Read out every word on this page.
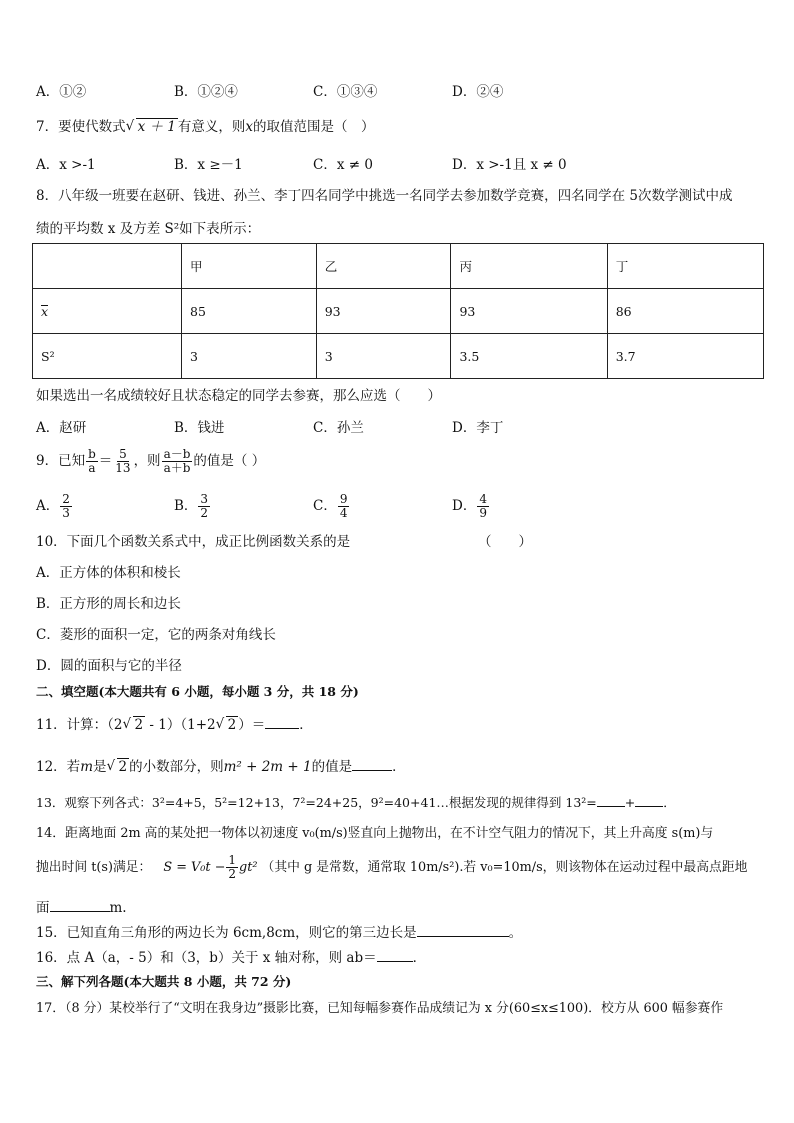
A．①②	B．①②④	C．①③④	D．②④
7．要使代数式 √ x ＋ 1 有意义，则x的取值范围是（　）
A．x >-1	B．x ≥－1	C．x ≠ 0	D．x >-1且 x ≠ 0
8．八年级一班要在赵研、钱进、孙兰、李丁四名同学中挑选一名同学去参加数学竞赛，四名同学在 5次数学测试中成
绩的平均数 x 及方差 S²如下表所示：
	甲	乙	丙	丁
x	85	93	93	86
S²	3	3	3.5	3.7
如果选出一名成绩较好且状态稳定的同学去参赛，那么应选（　　）
A．赵研	B．钱进	C．孙兰	D．李丁
9．已知 $\frac{b}{a} = \frac{5}{13}$ ，则 $\frac{a-b}{a+b}$ 的值是（ ）
A． $\frac{2}{3}$	B． $\frac{3}{2}$	C． $\frac{9}{4}$	D． $\frac{4}{9}$
10．下面几个函数关系式中，成正比例函数关系的是	（　　）
A．正方体的体积和棱长
B．正方形的周长和边长
C．菱形的面积一定，它的两条对角线长
D．圆的面积与它的半径
二、填空题(本大题共有 6 小题，每小题 3 分，共 18 分)
11．计算：（2 √ 2 - 1）（1+2 √ 2 ）＝	．
12．若m是 √ 2 的小数部分，则m² + 2m + 1的值是	．
13．观察下列各式：3²=4+5，5²=12+13，7²=24+25，9²=40+41…根据发现的规律得到 13²= + ．
14．距离地面 2m 高的某处把一物体以初速度 v₀(m/s)竖直向上抛物出，在不计空气阻力的情况下，其上升高度 s(m)与
抛出时间 t(s)满足： $S = V_0t - \frac{1}{2} gt^2$ （其中 g 是常数，通常取 10m/s²).若 v₀=10m/s，则该物体在运动过程中最高点距地
面	m.
15．已知直角三角形的两边长为 6cm,8cm，则它的第三边长是	。
16．点 A（a，- 5）和（3，b）关于 x 轴对称，则 ab＝	．
三、解下列各题(本大题共 8 小题，共 72 分)
17．（8 分）某校举行了“文明在我身边”摄影比赛，已知每幅参赛作品成绩记为 x 分(60≤x≤100)．校方从 600 幅参赛作
